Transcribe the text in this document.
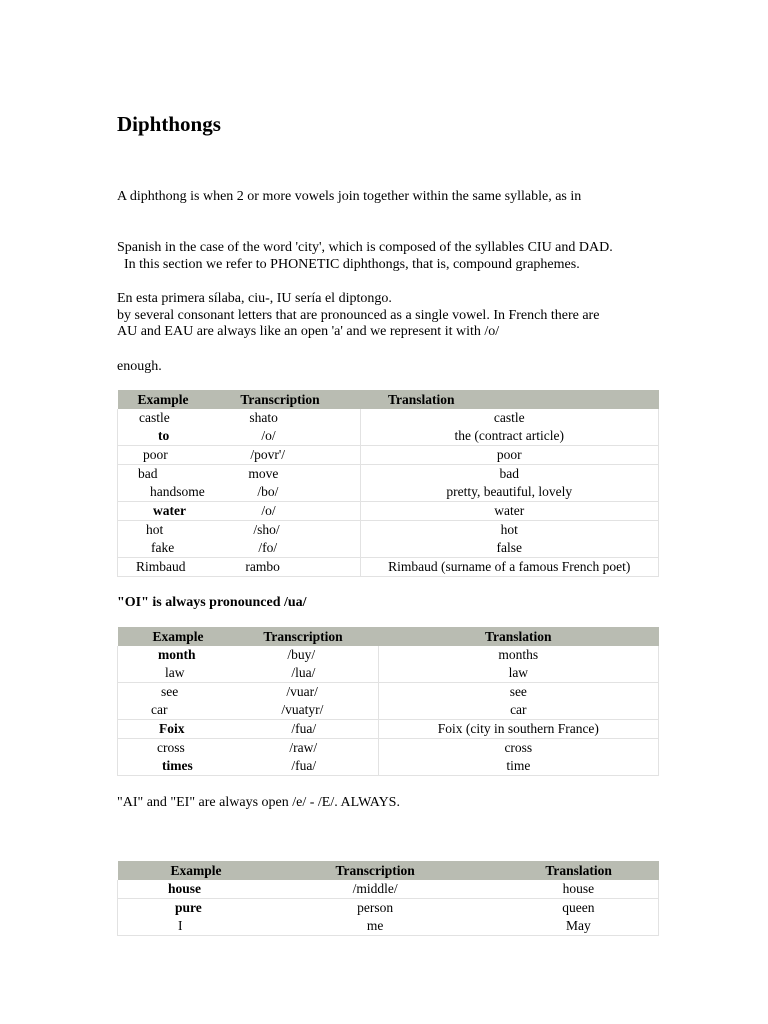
Diphthongs

A diphthong is when 2 or more vowels join together within the same syllable, as in

Spanish in the case of the word 'city', which is composed of the syllables CIU and DAD.

En esta primera sílaba, ciu-, IU sería el diptongo.

In this section we refer to PHONETIC diphthongs, that is, compound graphemes.

by several consonant letters that are pronounced as a single vowel. In French there are

enough.

AU and EAU are always like an open 'a' and we represent it with /o/
Example	Transcription	Translation
castle	shato	castle
to	/o/	the (contract article)
poor	/povr'/	poor
bad	move	bad
handsome	/bo/	pretty, beautiful, lovely
water	/o/	water
hot	/sho/	hot
fake	/fo/	false
Rimbaud	rambo	Rimbaud (surname of a famous French poet)
"OI" is always pronounced /ua/
Example	Transcription	Translation
month	/buy/	months
law	/lua/	law
see	/vuar/	see
car	/vuatyr/	car
Foix	/fua/	Foix (city in southern France)
cross	/raw/	cross
times	/fua/	time
"AI" and "EI" are always open /e/ - /E/. ALWAYS.
Example	Transcription	Translation
house	/middle/	house
pure	person	queen
I	me	May
